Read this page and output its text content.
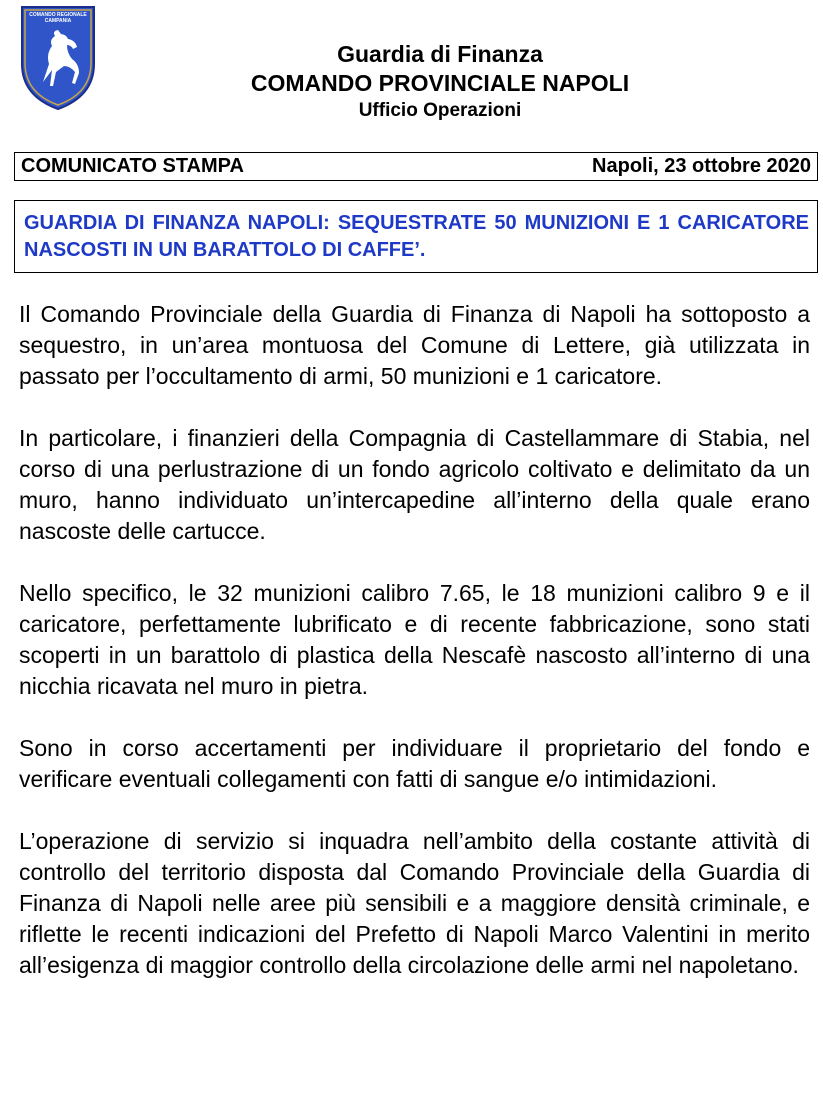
COMANDO REGIONALE
CAMPANIA
Guardia di Finanza
COMANDO PROVINCIALE NAPOLI
Ufficio Operazioni
COMUNICATO STAMPA	Napoli, 23 ottobre 2020
GUARDIA DI FINANZA NAPOLI: SEQUESTRATE 50 MUNIZIONI E 1 CARICATORE NASCOSTI IN UN BARATTOLO DI CAFFE’.

Il Comando Provinciale della Guardia di Finanza di Napoli ha sottoposto a sequestro, in un’area montuosa del Comune di Lettere, già utilizzata in passato per l’occultamento di armi, 50 munizioni e 1 caricatore.

In particolare, i finanzieri della Compagnia di Castellammare di Stabia, nel corso di una perlustrazione di un fondo agricolo coltivato e delimitato da un muro, hanno individuato un’intercapedine all’interno della quale erano nascoste delle cartucce.

Nello specifico, le 32 munizioni calibro 7.65, le 18 munizioni calibro 9 e il caricatore, perfettamente lubrificato e di recente fabbricazione, sono stati scoperti in un barattolo di plastica della Nescafè nascosto all’interno di una nicchia ricavata nel muro in pietra.

Sono in corso accertamenti per individuare il proprietario del fondo e verificare eventuali collegamenti con fatti di sangue e/o intimidazioni.

L’operazione di servizio si inquadra nell’ambito della costante attività di controllo del territorio disposta dal Comando Provinciale della Guardia di Finanza di Napoli nelle aree più sensibili e a maggiore densità criminale, e riflette le recenti indicazioni del Prefetto di Napoli Marco Valentini in merito all’esigenza di maggior controllo della circolazione delle armi nel napoletano.
